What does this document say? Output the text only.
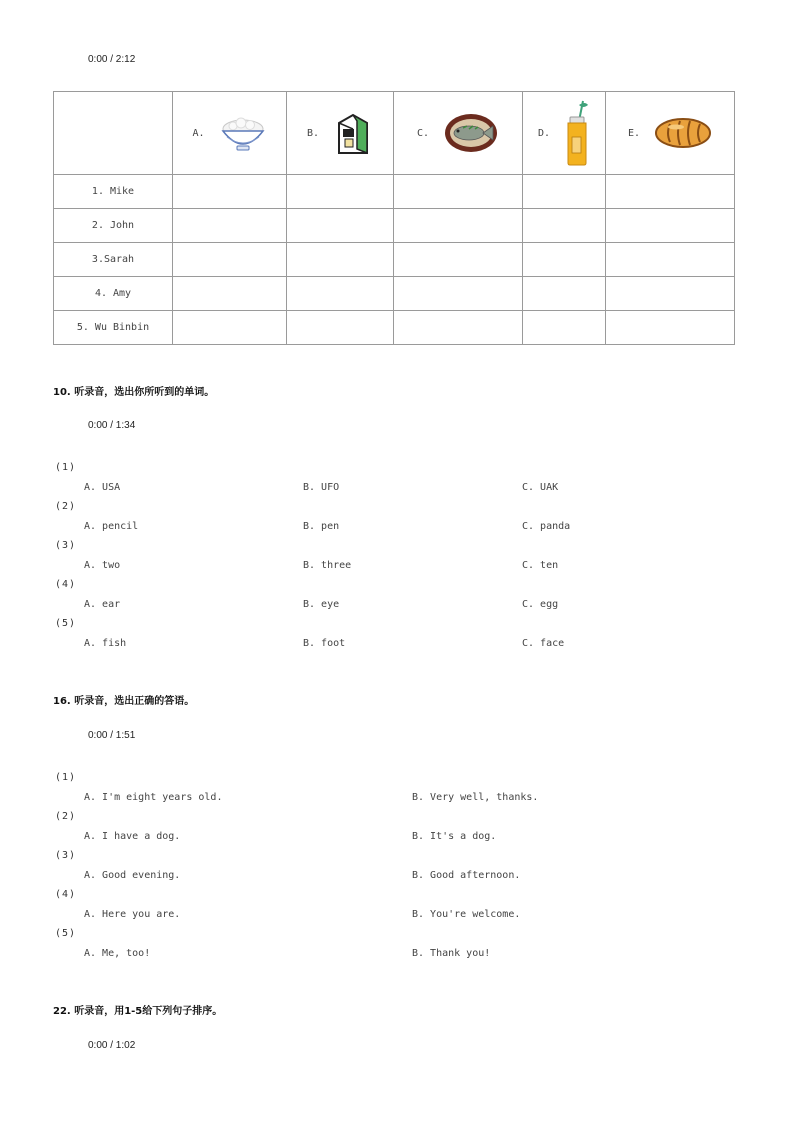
0:00 / 2:12

	A.	B.	C.	D.	E.

1. Mike					
2. John					
3.Sarah					
4. Amy					
5. Wu Binbin					
10. 听录音，选出你所听到的单词。
0:00 / 1:34
(1)
A. USA	B. UFO	C. UAK
(2)
A. pencil	B. pen	C. panda
(3)
A. two	B. three	C. ten
(4)
A. ear	B. eye	C. egg
(5)
A. fish	B. foot	C. face
16. 听录音，选出正确的答语。
0:00 / 1:51
(1)
A. I'm eight years old.	B. Very well, thanks.
(2)
A. I have a dog.	B. It's a dog.
(3)
A. Good evening.	B. Good afternoon.
(4)
A. Here you are.	B. You're welcome.
(5)
A. Me, too!	B. Thank you!
22. 听录音，用1-5给下列句子排序。
0:00 / 1:02
